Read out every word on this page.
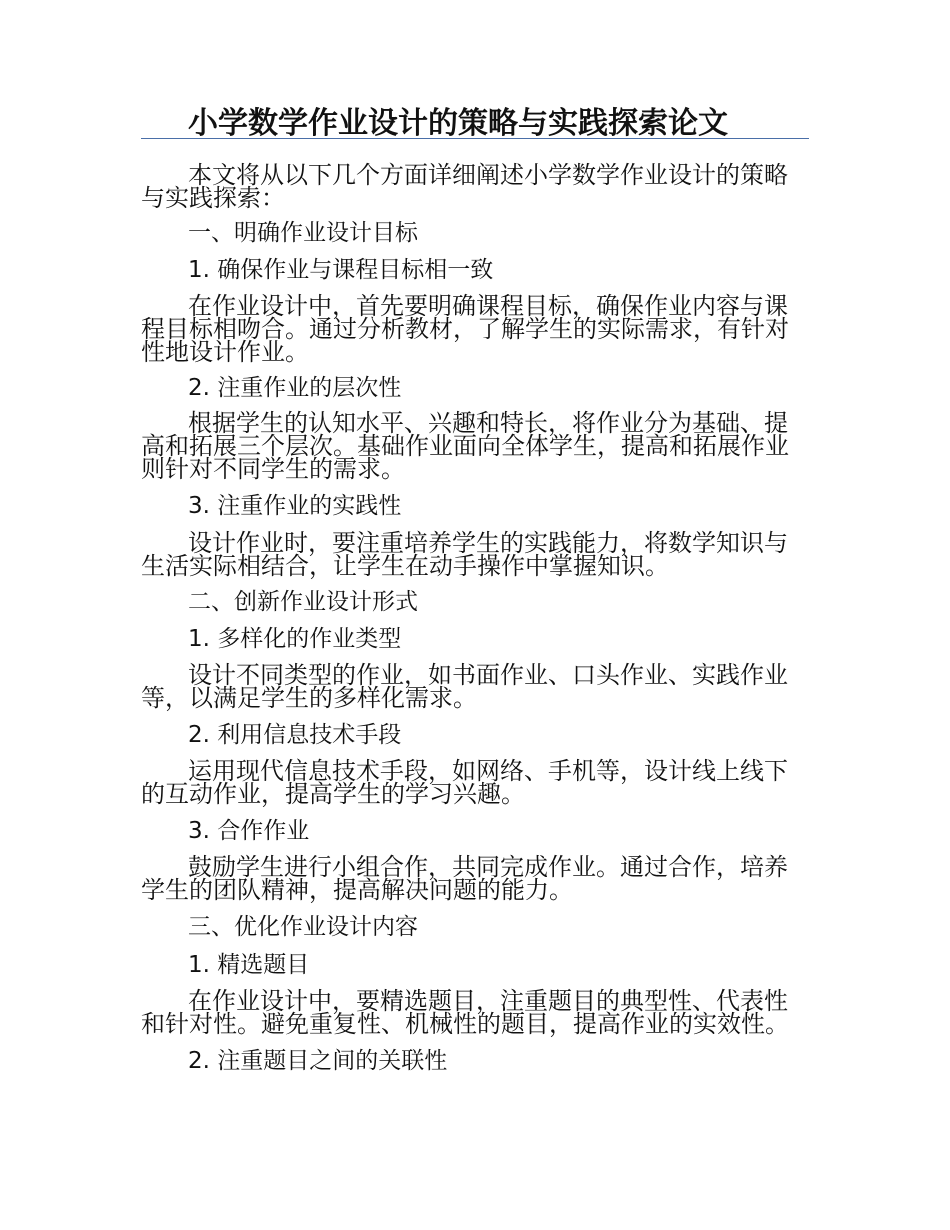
小学数学作业设计的策略与实践探索论文
本文将从以下几个方面详细阐述小学数学作业设计的策略
与实践探索：
一、明确作业设计目标
1. 确保作业与课程目标相一致
在作业设计中，首先要明确课程目标，确保作业内容与课
程目标相吻合。通过分析教材，了解学生的实际需求，有针对
性地设计作业。
2. 注重作业的层次性
根据学生的认知水平、兴趣和特长，将作业分为基础、提
高和拓展三个层次。基础作业面向全体学生，提高和拓展作业
则针对不同学生的需求。
3. 注重作业的实践性
设计作业时，要注重培养学生的实践能力，将数学知识与
生活实际相结合，让学生在动手操作中掌握知识。
二、创新作业设计形式
1. 多样化的作业类型
设计不同类型的作业，如书面作业、口头作业、实践作业
等，以满足学生的多样化需求。
2. 利用信息技术手段
运用现代信息技术手段，如网络、手机等，设计线上线下
的互动作业，提高学生的学习兴趣。
3. 合作作业
鼓励学生进行小组合作，共同完成作业。通过合作，培养
学生的团队精神，提高解决问题的能力。
三、优化作业设计内容
1. 精选题目
在作业设计中，要精选题目，注重题目的典型性、代表性
和针对性。避免重复性、机械性的题目，提高作业的实效性。
2. 注重题目之间的关联性
